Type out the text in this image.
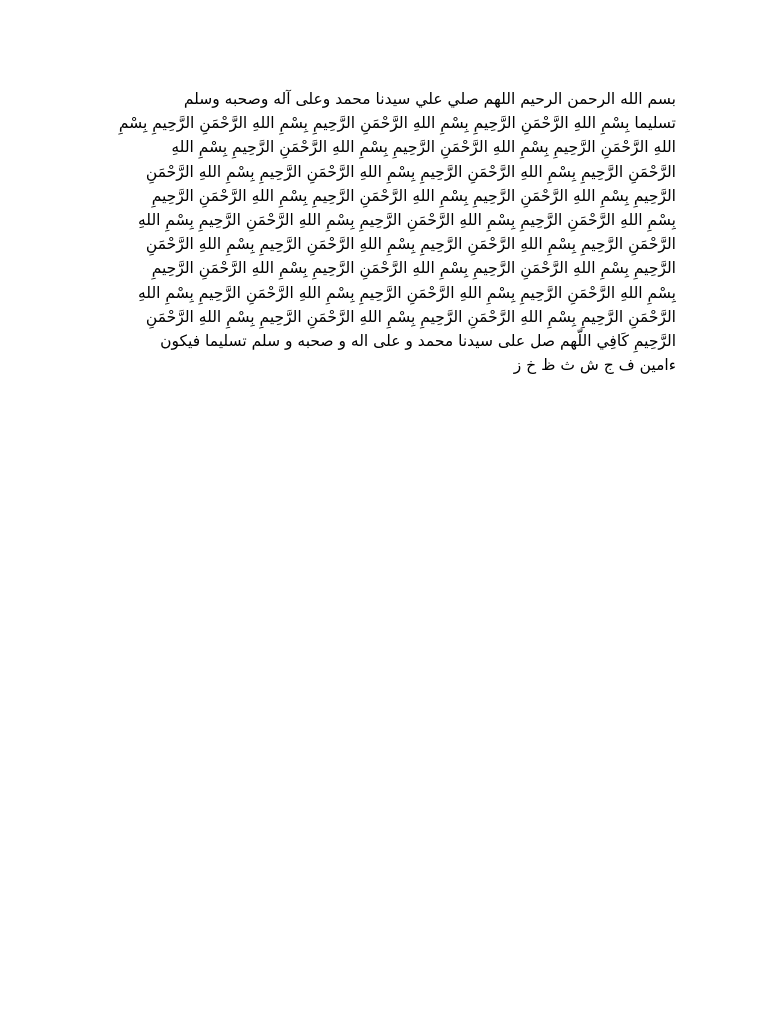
بسم الله الرحمن الرحيم اللهم صلي علي سيدنا محمد وعلى آله وصحبه وسلم
تسليما بِسْمِ اللهِ الرَّحْمَنِ الرَّحِيمِ بِسْمِ اللهِ الرَّحْمَنِ الرَّحِيمِ بِسْمِ اللهِ الرَّحْمَنِ الرَّحِيمِ بِسْمِ
اللهِ الرَّحْمَنِ الرَّحِيمِ بِسْمِ اللهِ الرَّحْمَنِ الرَّحِيمِ بِسْمِ اللهِ الرَّحْمَنِ الرَّحِيمِ بِسْمِ اللهِ
الرَّحْمَنِ الرَّحِيمِ بِسْمِ اللهِ الرَّحْمَنِ الرَّحِيمِ بِسْمِ اللهِ الرَّحْمَنِ الرَّحِيمِ بِسْمِ اللهِ الرَّحْمَنِ
الرَّحِيمِ بِسْمِ اللهِ الرَّحْمَنِ الرَّحِيمِ بِسْمِ اللهِ الرَّحْمَنِ الرَّحِيمِ بِسْمِ اللهِ الرَّحْمَنِ الرَّحِيمِ
بِسْمِ اللهِ الرَّحْمَنِ الرَّحِيمِ بِسْمِ اللهِ الرَّحْمَنِ الرَّحِيمِ بِسْمِ اللهِ الرَّحْمَنِ الرَّحِيمِ بِسْمِ اللهِ
الرَّحْمَنِ الرَّحِيمِ بِسْمِ اللهِ الرَّحْمَنِ الرَّحِيمِ بِسْمِ اللهِ الرَّحْمَنِ الرَّحِيمِ بِسْمِ اللهِ الرَّحْمَنِ
الرَّحِيمِ بِسْمِ اللهِ الرَّحْمَنِ الرَّحِيمِ بِسْمِ اللهِ الرَّحْمَنِ الرَّحِيمِ بِسْمِ اللهِ الرَّحْمَنِ الرَّحِيمِ
بِسْمِ اللهِ الرَّحْمَنِ الرَّحِيمِ بِسْمِ اللهِ الرَّحْمَنِ الرَّحِيمِ بِسْمِ اللهِ الرَّحْمَنِ الرَّحِيمِ بِسْمِ اللهِ
الرَّحْمَنِ الرَّحِيمِ بِسْمِ اللهِ الرَّحْمَنِ الرَّحِيمِ بِسْمِ اللهِ الرَّحْمَنِ الرَّحِيمِ بِسْمِ اللهِ الرَّحْمَنِ
الرَّحِيمِ كَافِي اللَّهم صل على سيدنا محمد و على اله و صحبه و سلم تسليما فيكون
ءامين ف ج ش ث ظ خ ز
